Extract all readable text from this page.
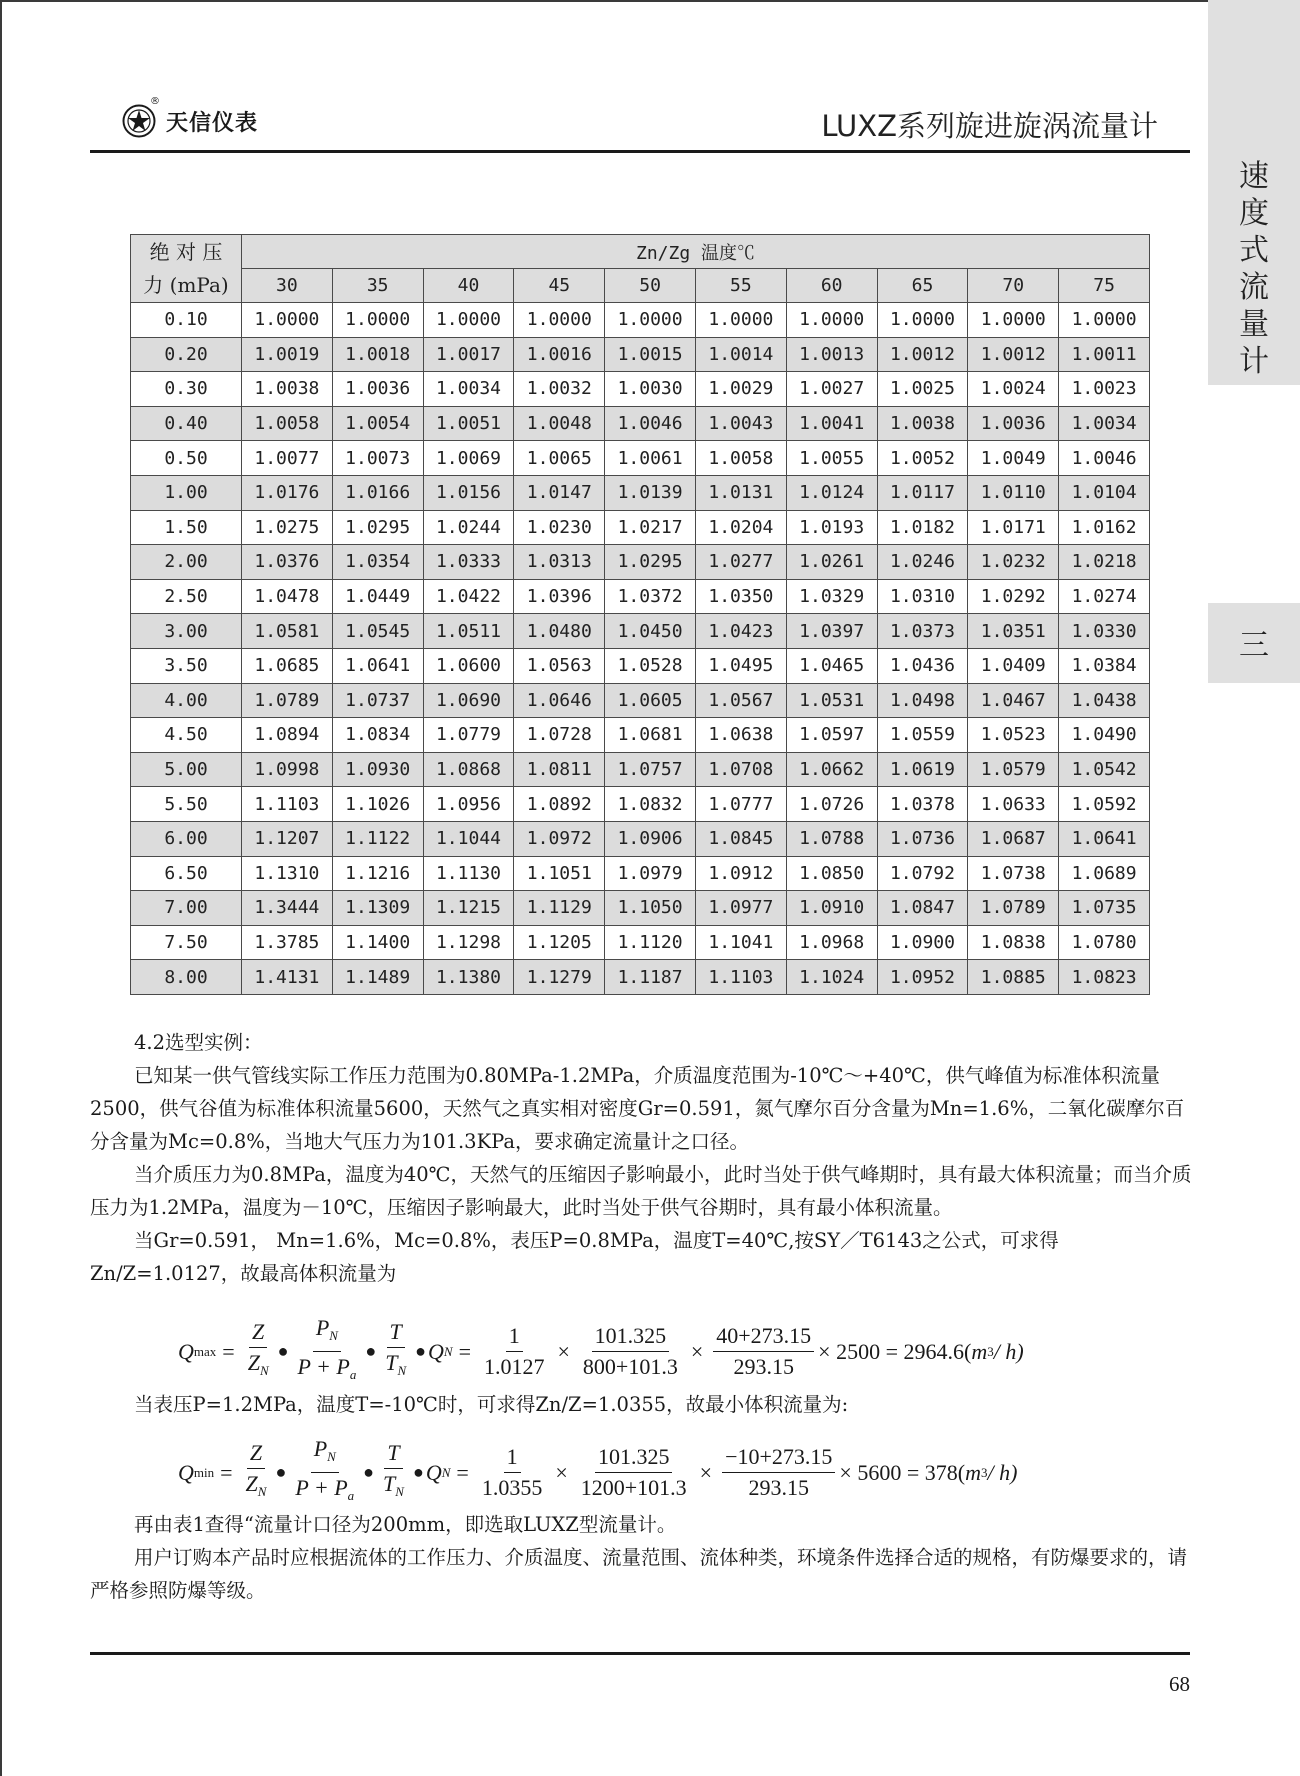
®
天信仪表	LUXZ系列旋进旋涡流量计
速度式流量计
三
绝 对 压
力 (mPa)	Zn/Zg 温度℃									
	30	35	40	45	50	55	60	65	70	75
0.10	1.0000	1.0000	1.0000	1.0000	1.0000	1.0000	1.0000	1.0000	1.0000	1.0000
0.20	1.0019	1.0018	1.0017	1.0016	1.0015	1.0014	1.0013	1.0012	1.0012	1.0011
0.30	1.0038	1.0036	1.0034	1.0032	1.0030	1.0029	1.0027	1.0025	1.0024	1.0023
0.40	1.0058	1.0054	1.0051	1.0048	1.0046	1.0043	1.0041	1.0038	1.0036	1.0034
0.50	1.0077	1.0073	1.0069	1.0065	1.0061	1.0058	1.0055	1.0052	1.0049	1.0046
1.00	1.0176	1.0166	1.0156	1.0147	1.0139	1.0131	1.0124	1.0117	1.0110	1.0104
1.50	1.0275	1.0295	1.0244	1.0230	1.0217	1.0204	1.0193	1.0182	1.0171	1.0162
2.00	1.0376	1.0354	1.0333	1.0313	1.0295	1.0277	1.0261	1.0246	1.0232	1.0218
2.50	1.0478	1.0449	1.0422	1.0396	1.0372	1.0350	1.0329	1.0310	1.0292	1.0274
3.00	1.0581	1.0545	1.0511	1.0480	1.0450	1.0423	1.0397	1.0373	1.0351	1.0330
3.50	1.0685	1.0641	1.0600	1.0563	1.0528	1.0495	1.0465	1.0436	1.0409	1.0384
4.00	1.0789	1.0737	1.0690	1.0646	1.0605	1.0567	1.0531	1.0498	1.0467	1.0438
4.50	1.0894	1.0834	1.0779	1.0728	1.0681	1.0638	1.0597	1.0559	1.0523	1.0490
5.00	1.0998	1.0930	1.0868	1.0811	1.0757	1.0708	1.0662	1.0619	1.0579	1.0542
5.50	1.1103	1.1026	1.0956	1.0892	1.0832	1.0777	1.0726	1.0378	1.0633	1.0592
6.00	1.1207	1.1122	1.1044	1.0972	1.0906	1.0845	1.0788	1.0736	1.0687	1.0641
6.50	1.1310	1.1216	1.1130	1.1051	1.0979	1.0912	1.0850	1.0792	1.0738	1.0689
7.00	1.3444	1.1309	1.1215	1.1129	1.1050	1.0977	1.0910	1.0847	1.0789	1.0735
7.50	1.3785	1.1400	1.1298	1.1205	1.1120	1.1041	1.0968	1.0900	1.0838	1.0780
8.00	1.4131	1.1489	1.1380	1.1279	1.1187	1.1103	1.1024	1.0952	1.0885	1.0823

4.2选型实例：

已知某一供气管线实际工作压力范围为0.80MPa-1.2MPa，介质温度范围为-10℃～+40℃，供气峰值为标准体积流量2500，供气谷值为标准体积流量5600，天然气之真实相对密度Gr=0.591，氮气摩尔百分含量为Mn=1.6%，二氧化碳摩尔百分含量为Mc=0.8%，当地大气压力为101.3KPa，要求确定流量计之口径。

当介质压力为0.8MPa，温度为40℃，天然气的压缩因子影响最小，此时当处于供气峰期时，具有最大体积流量；而当介质压力为1.2MPa，温度为－10℃，压缩因子影响最大，此时当处于供气谷期时，具有最小体积流量。

当Gr=0.591， Mn=1.6%，Mc=0.8%，表压P=0.8MPa，温度T=40℃,按SY／T6143之公式，可求得Zn/Z=1.0127，故最高体积流量为

Q $\max = \frac{Z}{Z_N}$ ● $\frac{P_N}{P + P_a}$ ● $\frac{T}{T_N}$ ● Q $N = \frac{1}{1.0127} \times \frac{101.325}{800+101.3} \times \frac{40+273.15}{293.15} \times 2500 = 2964.6$( m 3 / h)

当表压P=1.2MPa，温度T=-10℃时，可求得Zn/Z=1.0355，故最小体积流量为:

Q $\min = \frac{Z}{Z_N}$ ● $\frac{P_N}{P + P_a}$ ● $\frac{T}{T_N}$ ● Q $N = \frac{1}{1.0355} \times \frac{101.325}{1200+101.3} \times \frac{-10+273.15}{293.15} \times 5600 = 378$( m 3 / h)

再由表1查得“流量计口径为200mm，即选取LUXZ型流量计。

用户订购本产品时应根据流体的工作压力、介质温度、流量范围、流体种类，环境条件选择合适的规格，有防爆要求的，请严格参照防爆等级。

68
